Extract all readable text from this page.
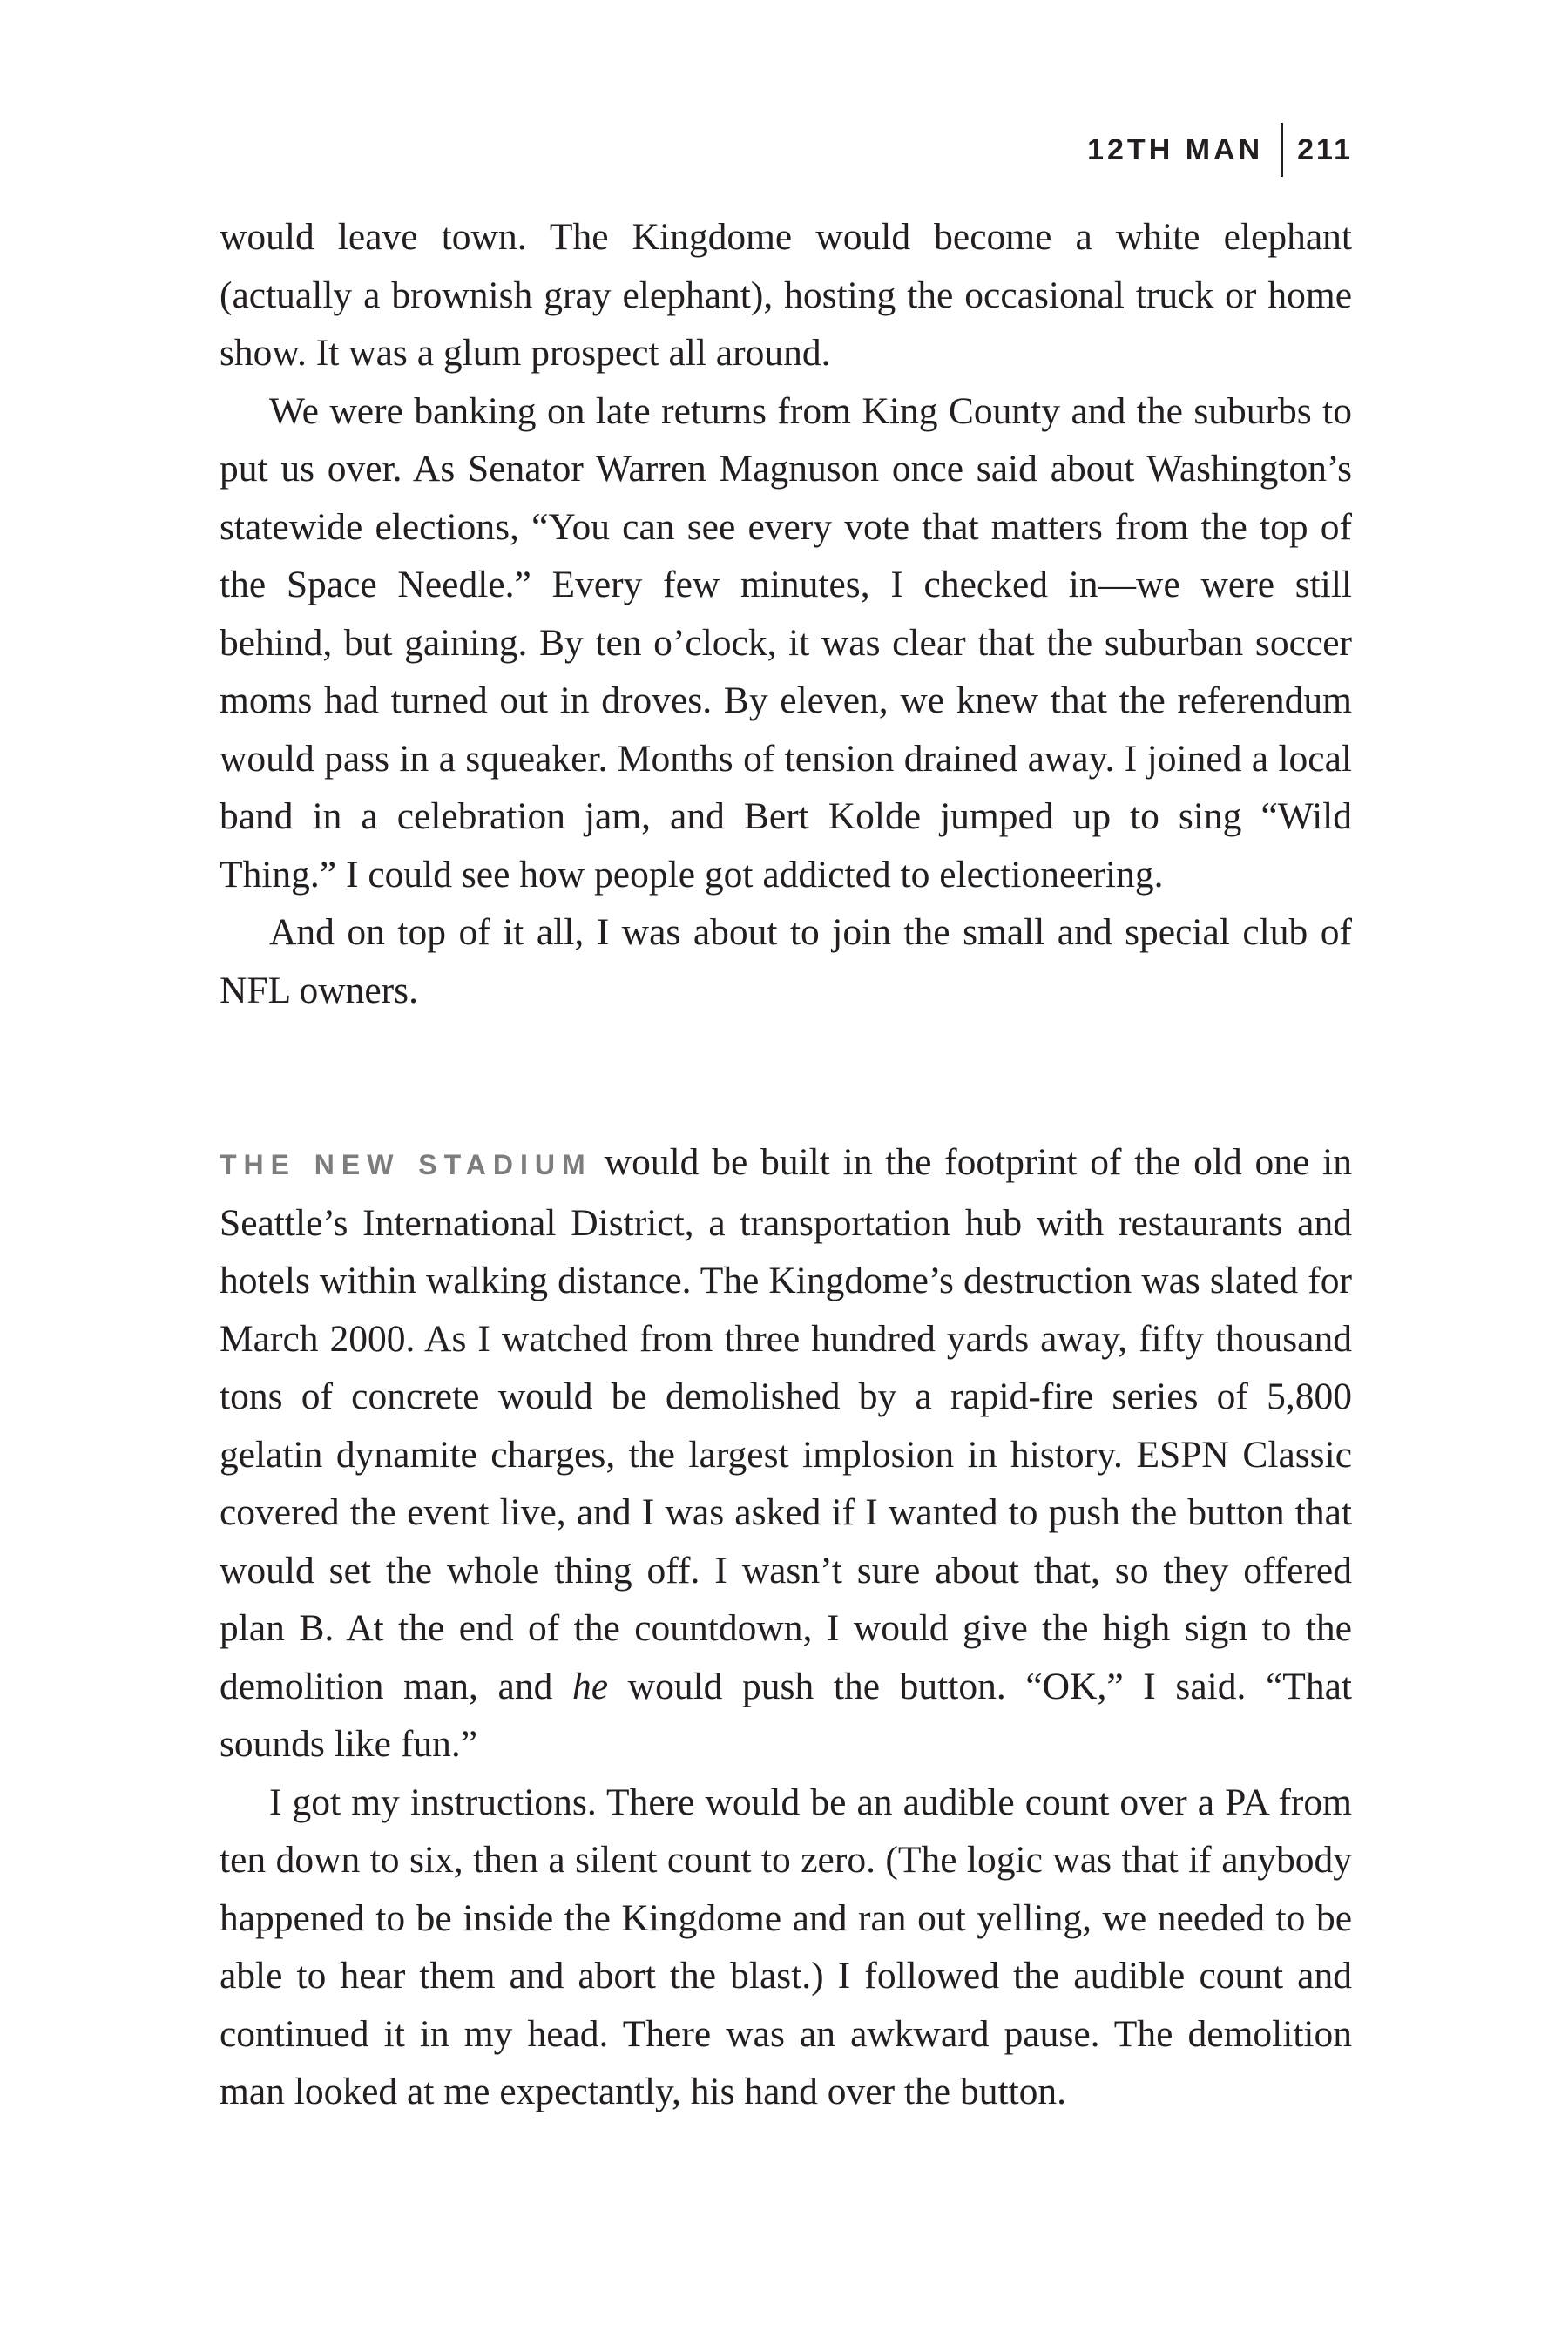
12TH MAN	211

would leave town. The Kingdome would become a white elephant (actually a brownish gray elephant), hosting the occasional truck or home show. It was a glum prospect all around.

We were banking on late returns from King County and the suburbs to put us over. As Senator Warren Magnuson once said about Washington’s statewide elections, “You can see every vote that matters from the top of the Space Needle.” Every few minutes, I checked in—we were still behind, but gaining. By ten o’clock, it was clear that the suburban soccer moms had turned out in droves. By eleven, we knew that the referendum would pass in a squeaker. Months of tension drained away. I joined a local band in a celebration jam, and Bert Kolde jumped up to sing “Wild Thing.” I could see how people got addicted to electioneering.

And on top of it all, I was about to join the small and special club of NFL owners.

THE NEW STADIUM would be built in the footprint of the old one in Seattle’s International District, a transportation hub with restaurants and hotels within walking distance. The Kingdome’s destruction was slated for March 2000. As I watched from three hundred yards away, fifty thousand tons of concrete would be demolished by a rapid-fire series of 5,800 gelatin dynamite charges, the largest implosion in history. ESPN Classic covered the event live, and I was asked if I wanted to push the button that would set the whole thing off. I wasn’t sure about that, so they offered plan B. At the end of the countdown, I would give the high sign to the demolition man, and he would push the button. “OK,” I said. “That sounds like fun.”

I got my instructions. There would be an audible count over a PA from ten down to six, then a silent count to zero. (The logic was that if anybody happened to be inside the Kingdome and ran out yelling, we needed to be able to hear them and abort the blast.) I followed the audible count and continued it in my head. There was an awkward pause. The demolition man looked at me expectantly, his hand over the button.
